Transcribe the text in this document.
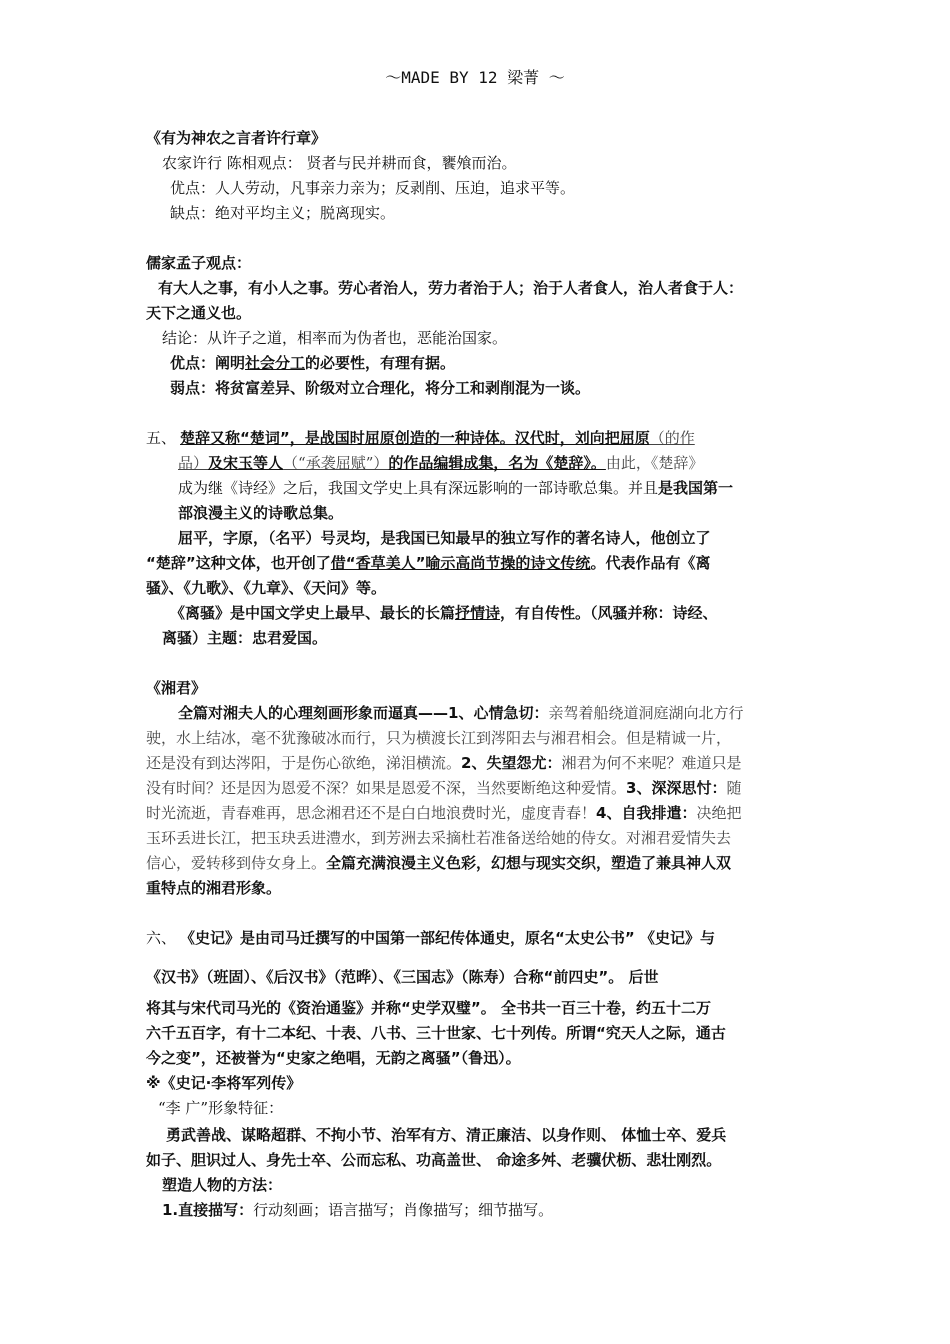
～MADE BY 12 梁菁 ～
《有为神农之言者许行章》
农家许行 陈相观点： 贤者与民并耕而食，饔飧而治。
优点：人人劳动，凡事亲力亲为；反剥削、压迫，追求平等。
缺点：绝对平均主义；脱离现实。
儒家孟子观点：
有大人之事，有小人之事。劳心者治人，劳力者治于人；治于人者食人，治人者食于人：
天下之通义也。
结论：从许子之道，相率而为伪者也，恶能治国家。
优点：阐明社会分工的必要性，有理有据。
弱点：将贫富差异、阶级对立合理化，将分工和剥削混为一谈。
五、 楚辞又称“楚词”，是战国时屈原创造的一种诗体。汉代时，刘向把屈原（的作
品）及宋玉等人（“承袭屈赋”）的作品编辑成集，名为《楚辞》。由此，《楚辞》
成为继《诗经》之后，我国文学史上具有深远影响的一部诗歌总集。并且是我国第一
部浪漫主义的诗歌总集。
屈平，字原，（名平）号灵均，是我国已知最早的独立写作的著名诗人，他创立了
“楚辞”这种文体，也开创了借“香草美人”喻示高尚节操的诗文传统。代表作品有《离
骚》、《九歌》、《九章》、《天问》等。
《离骚》是中国文学史上最早、最长的长篇抒情诗，有自传性。（风骚并称：诗经、
离骚）主题：忠君爱国。
《湘君》
全篇对湘夫人的心理刻画形象而逼真——1、心情急切：亲驾着船绕道洞庭湖向北方行
驶，水上结冰，毫不犹豫破冰而行，只为横渡长江到涔阳去与湘君相会。但是精诚一片，
还是没有到达涔阳，于是伤心欲绝，涕泪横流。2、失望怨尤：湘君为何不来呢？难道只是
没有时间？还是因为恩爱不深？如果是恩爱不深，当然要断绝这种爱情。3、深深思忖：随
时光流逝，青春难再，思念湘君还不是白白地浪费时光，虚度青春！4、自我排遣：决绝把
玉环丢进长江，把玉玦丢进澧水，到芳洲去采摘杜若准备送给她的侍女。对湘君爱情失去
信心，爱转移到侍女身上。全篇充满浪漫主义色彩，幻想与现实交织，塑造了兼具神人双
重特点的湘君形象。
六、 《史记》是由司马迁撰写的中国第一部纪传体通史，原名“太史公书” 《史记》与
《汉书》（班固）、《后汉书》（范晔）、《三国志》（陈寿）合称“前四史”。 后世
将其与宋代司马光的《资治通鉴》并称“史学双璧”。 全书共一百三十卷，约五十二万
六千五百字，有十二本纪、十表、八书、三十世家、七十列传。所谓“究天人之际，通古
今之变”，还被誉为“史家之绝唱，无韵之离骚”（鲁迅）。
※《史记·李将军列传》
“李 广”形象特征：
勇武善战、谋略超群、不拘小节、治军有方、清正廉洁、以身作则、 体恤士卒、爱兵
如子、胆识过人、身先士卒、公而忘私、功高盖世、 命途多舛、老骥伏枥、悲壮刚烈。
塑造人物的方法：
1.直接描写：行动刻画；语言描写；肖像描写；细节描写。
